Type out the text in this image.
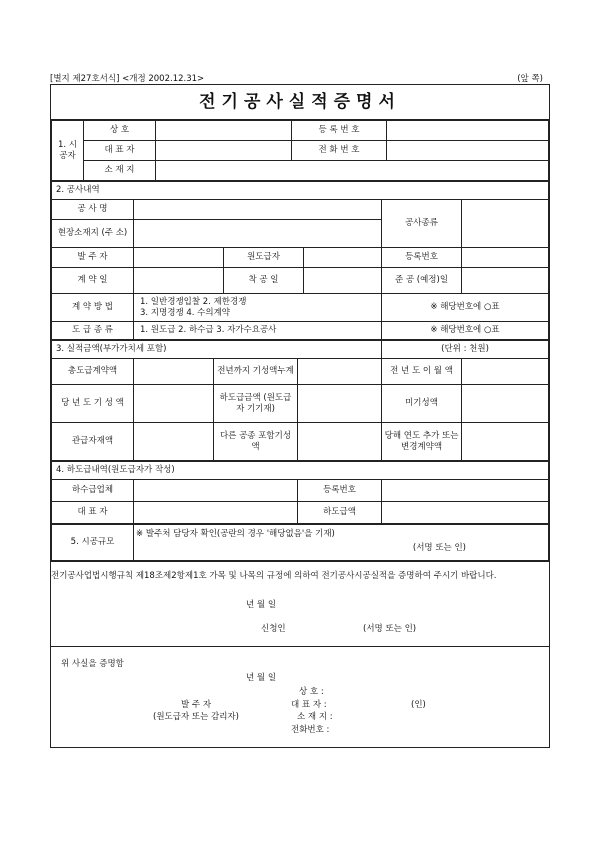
[별지 제27호서식] <개정 2002.12.31>	(앞 쪽)
전기공사실적증명서
1. 시공자	상 호		등 록 번 호	
	대 표 자		전 화 번 호	
	소 재 지			
2. 공사내역					
공 사 명				공사종류	
현장소재지 (주 소)					
발 주 자		원도급자		등록번호	
계 약 일		착 공 일		준 공 (예정)일	
계 약 방 법	1. 일반경쟁입찰 2. 제한경쟁
3. 지명경쟁 4. 수의계약			※ 해당번호에 ○표	
도 급 종 류	1. 원도급 2. 하수급 3. 자가수요공사			※ 해당번호에 ○표	
3. 실적금액(부가가치세 포함)				(단위 : 천원)	
총도급계약액		전년까지 기성액누계		전 년 도 이 월 액	
당 년 도 기 성 액		하도급금액 (원도급자 기기재)		미기성액	
관급자재액		다른 공종 포함기성액		당해 연도 추가 또는 변경계약액	
4. 하도급내역(원도급자가 작성)			
하수급업체		등록번호	
대 표 자		하도급액	
5. 시공규모	
※ 발주처 담당자 확인(공란의 경우 '해당없음'을 기재)
(서명 또는 인)
전기공사업법시행규칙 제18조제2항제1호 가목 및 나목의 규정에 의하여 전기공사시공실적을 증명하여 주시기 바랍니다.
년 월 일
신청인	(서명 또는 인)
위 사실을 증명함
년 월 일
상 호 :
발 주 자	대 표 자 :	(인)
(원도급자 또는 감리자)	소 재 지 :
전화번호 :
